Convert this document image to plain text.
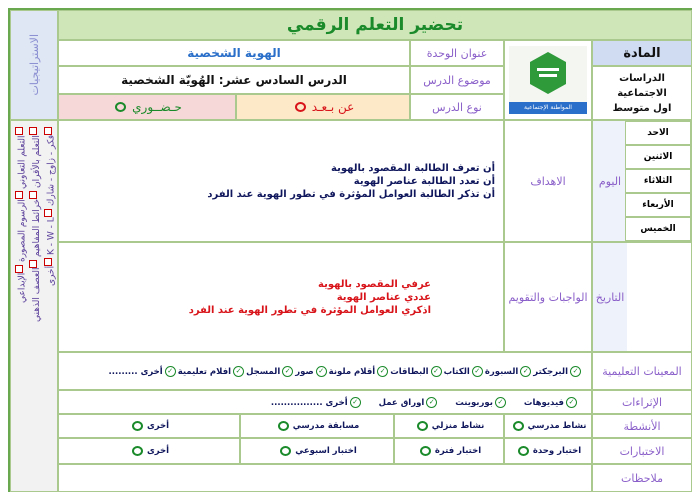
تحضير التعلم الرقمي
الاستراتيجيات
التعلم التعاوني الرسوم المصورة الإبداعي
التعلم بالأقران خرائط المفاهيم العصف الذهني
فكر - زاوج - شارك K - W - L أخرى

المادة
الدراسات الاجتماعية
اول متوسط
المواطنة الإجتماعية
عنوان الوحدة
الهوية الشخصية
موضوع الدرس
الدرس السادس عشر: الهُويّة الشخصية
نوع الدرس
عن بـعـد
حـضــوري
اليوم
الاحد
الاثنين
الثلاثاء
الأربعاء
الخميس
التاريخ
الاهداف
أن تعرف الطالبة المقصود بالهوية
أن تعدد الطالبة عناصر الهوية
أن تذكر الطالبة العوامل المؤثرة في تطور الهوية عند الفرد
الواجبات والتقويم
عرفي المقصود بالهوية
عددي عناصر الهوية
اذكري العوامل المؤثرة في تطور الهوية عند الفرد
المعينات التعليمية
✓البرجكتر
✓السبورة
✓الكتاب
✓البطاقات
✓أقلام ملونة
✓صور
✓المسجل
✓افلام تعليمية
✓أخرى .........
الإثراءات
✓فيديوهات
✓بوربوينت
✓اوراق عمل
✓أخرى ................
الأنشطة
نشاط مدرسي
نشاط منزلي
مسابقة مدرسي
أخرى
الاختبارات
اختبار وحدة
اختبار فترة
اختبار اسبوعي
أخرى
ملاحظات
